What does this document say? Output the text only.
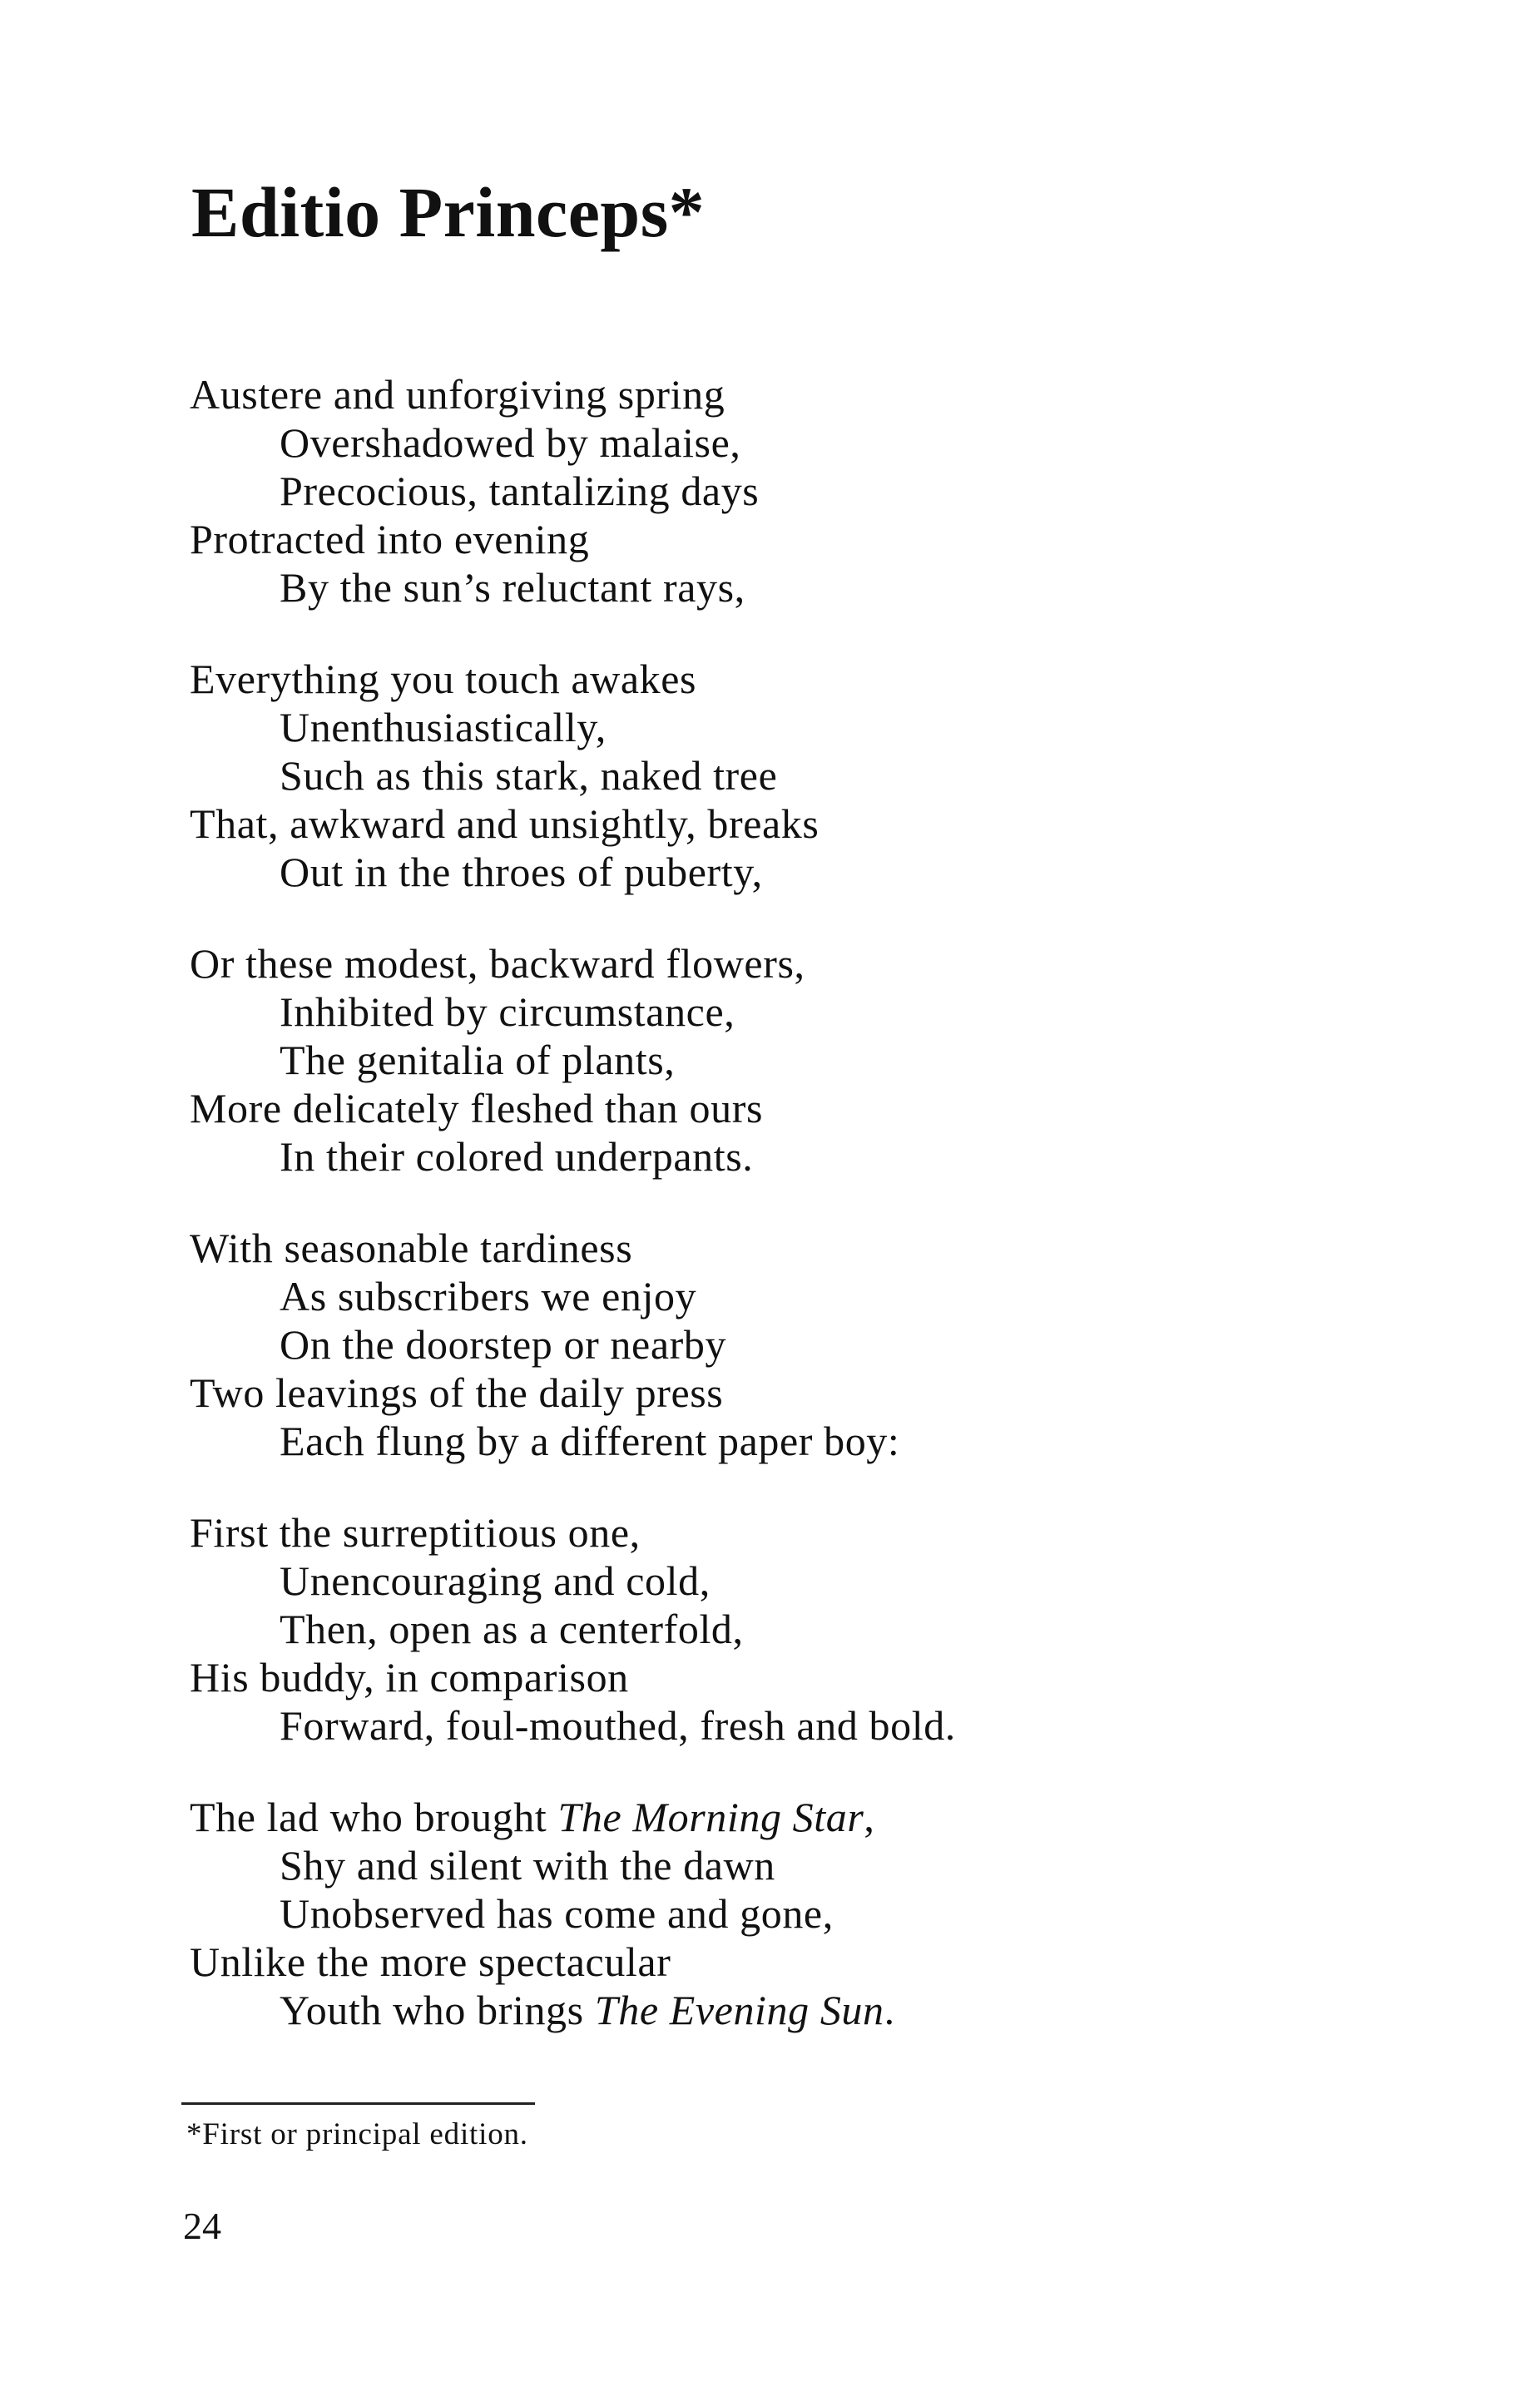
Editio Princeps*
Austere and unforgiving spring
Overshadowed by malaise,
Precocious, tantalizing days
Protracted into evening
By the sun’s reluctant rays,
Everything you touch awakes
Unenthusiastically,
Such as this stark, naked tree
That, awkward and unsightly, breaks
Out in the throes of puberty,
Or these modest, backward flowers,
Inhibited by circumstance,
The genitalia of plants,
More delicately fleshed than ours
In their colored underpants.
With seasonable tardiness
As subscribers we enjoy
On the doorstep or nearby
Two leavings of the daily press
Each flung by a different paper boy:
First the surreptitious one,
Unencouraging and cold,
Then, open as a centerfold,
His buddy, in comparison
Forward, foul-mouthed, fresh and bold.
The lad who brought The Morning Star,
Shy and silent with the dawn
Unobserved has come and gone,
Unlike the more spectacular
Youth who brings The Evening Sun.
*First or principal edition.
24
